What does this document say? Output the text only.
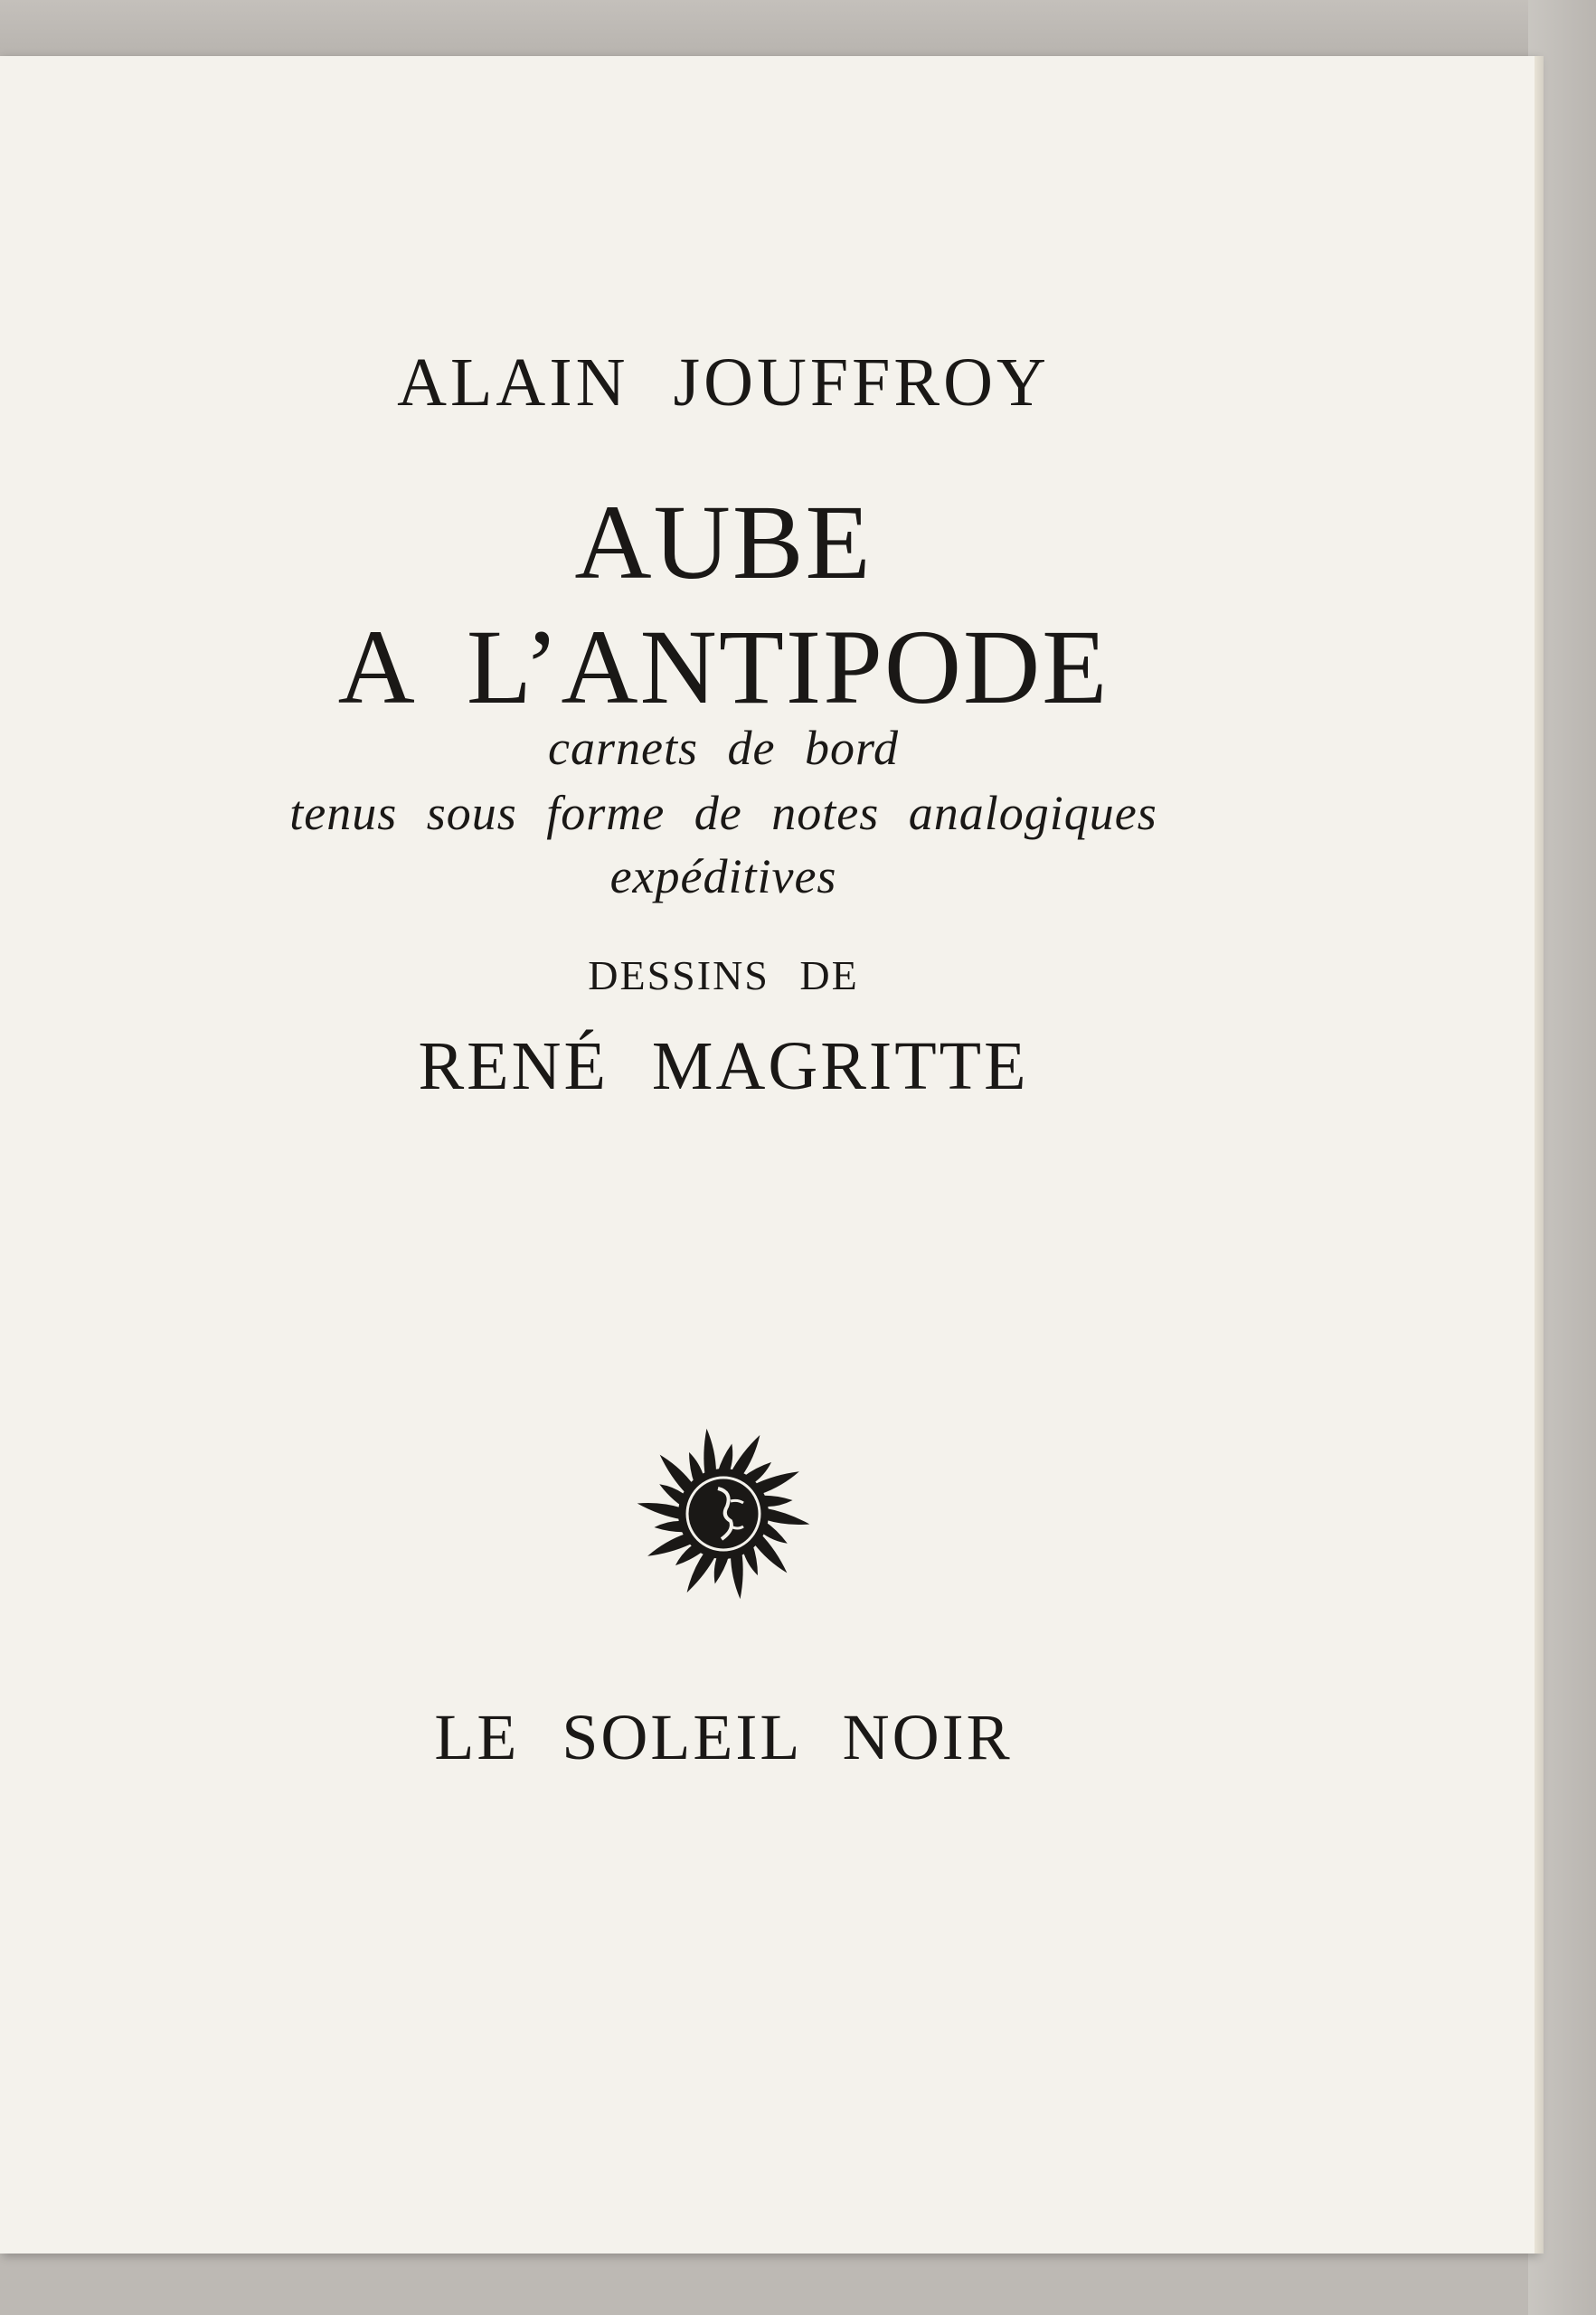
ALAIN JOUFFROY
AUBE
A L’ANTIPODE
carnets de bord
tenus sous forme de notes analogiques
expéditives
DESSINS DE
RENÉ MAGRITTE
LE SOLEIL NOIR
